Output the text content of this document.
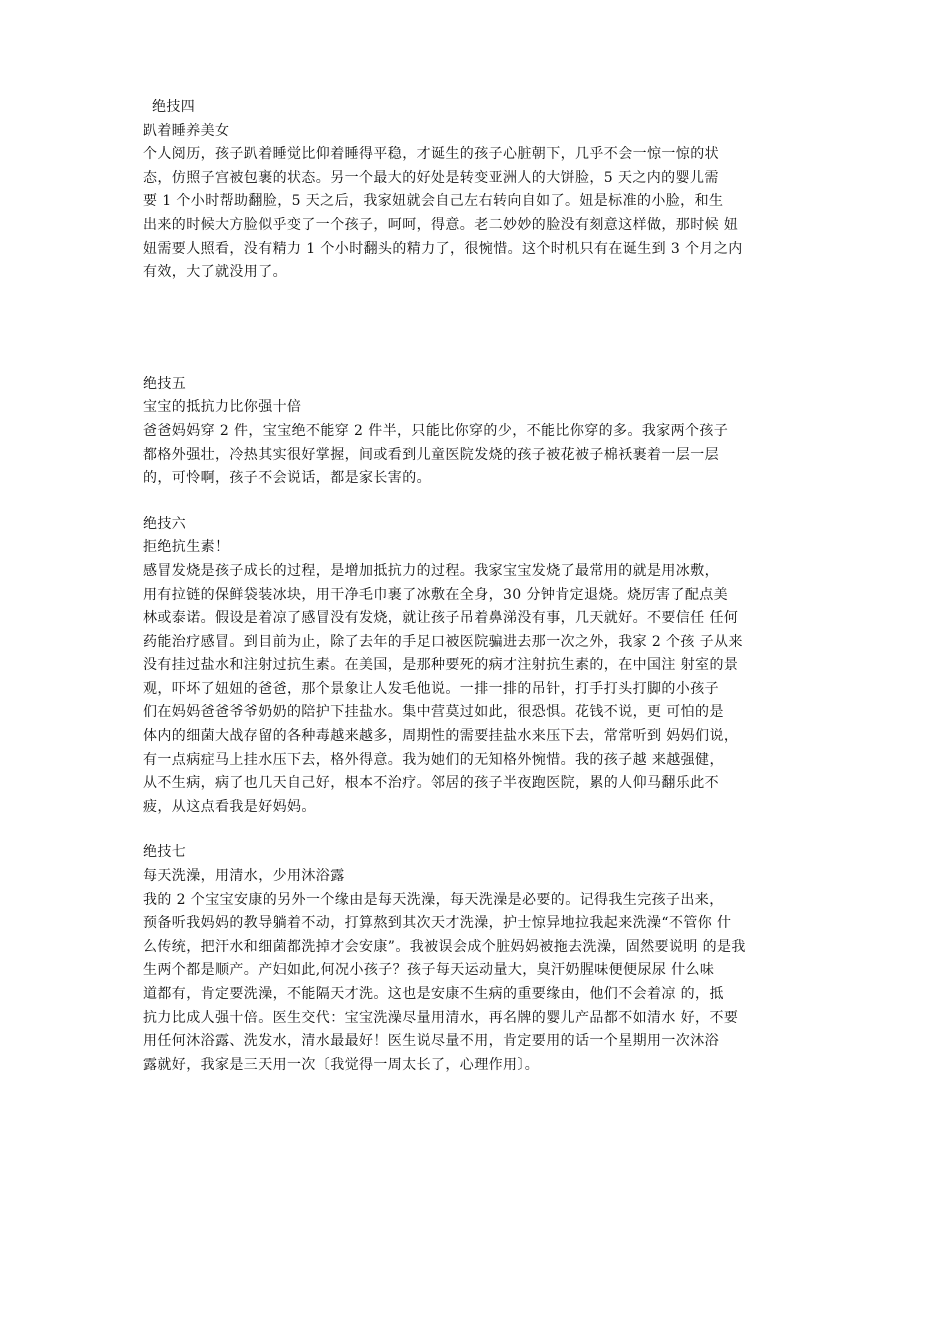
绝技四
趴着睡养美女
个人阅历，孩子趴着睡觉比仰着睡得平稳，才诞生的孩子心脏朝下，几乎不会一惊一惊的状
态，仿照子宫被包裹的状态。另一个最大的好处是转变亚洲人的大饼脸，5 天之内的婴儿需
要 1 个小时帮助翻脸，5 天之后，我家妞就会自己左右转向自如了。妞是标准的小脸，和生
出来的时候大方脸似乎变了一个孩子，呵呵，得意。老二妙妙的脸没有刻意这样做，那时候 妞
妞需要人照看，没有精力 1 个小时翻头的精力了，很惋惜。这个时机只有在诞生到 3 个月之内
有效，大了就没用了。
绝技五
宝宝的抵抗力比你强十倍
爸爸妈妈穿 2 件，宝宝绝不能穿 2 件半，只能比你穿的少，不能比你穿的多。我家两个孩子
都格外强壮，冷热其实很好掌握，间或看到儿童医院发烧的孩子被花被子棉袄裹着一层一层
的，可怜啊，孩子不会说话，都是家长害的。
绝技六
拒绝抗生素！
感冒发烧是孩子成长的过程，是增加抵抗力的过程。我家宝宝发烧了最常用的就是用冰敷，
用有拉链的保鲜袋装冰块，用干净毛巾裹了冰敷在全身，30 分钟肯定退烧。烧厉害了配点美
林或泰诺。假设是着凉了感冒没有发烧，就让孩子吊着鼻涕没有事，几天就好。不要信任 任何
药能治疗感冒。到目前为止，除了去年的手足口被医院骗进去那一次之外，我家 2 个孩 子从来
没有挂过盐水和注射过抗生素。在美国，是那种要死的病才注射抗生素的，在中国注 射室的景
观，吓坏了妞妞的爸爸，那个景象让人发毛他说。一排一排的吊针，打手打头打脚的小孩子
们在妈妈爸爸爷爷奶奶的陪护下挂盐水。集中营莫过如此，很恐惧。花钱不说，更 可怕的是
体内的细菌大战存留的各种毒越来越多，周期性的需要挂盐水来压下去，常常听到 妈妈们说，
有一点病症马上挂水压下去，格外得意。我为她们的无知格外惋惜。我的孩子越 来越强健，
从不生病，病了也几天自己好，根本不治疗。邻居的孩子半夜跑医院，累的人仰马翻乐此不
疲，从这点看我是好妈妈。
绝技七
每天洗澡，用清水，少用沐浴露
我的 2 个宝宝安康的另外一个缘由是每天洗澡，每天洗澡是必要的。记得我生完孩子出来，
预备听我妈妈的教导躺着不动，打算熬到其次天才洗澡，护士惊异地拉我起来洗澡“不管你 什
么传统，把汗水和细菌都洗掉才会安康”。我被误会成个脏妈妈被拖去洗澡，固然要说明 的是我
生两个都是顺产。产妇如此,何况小孩子？孩子每天运动量大，臭汗奶腥味便便尿尿 什么味
道都有，肯定要洗澡，不能隔天才洗。这也是安康不生病的重要缘由，他们不会着凉 的，抵
抗力比成人强十倍。医生交代：宝宝洗澡尽量用清水，再名牌的婴儿产品都不如清水 好，不要
用任何沐浴露、洗发水，清水最最好！医生说尽量不用，肯定要用的话一个星期用一次沐浴
露就好，我家是三天用一次〔我觉得一周太长了，心理作用〕。
